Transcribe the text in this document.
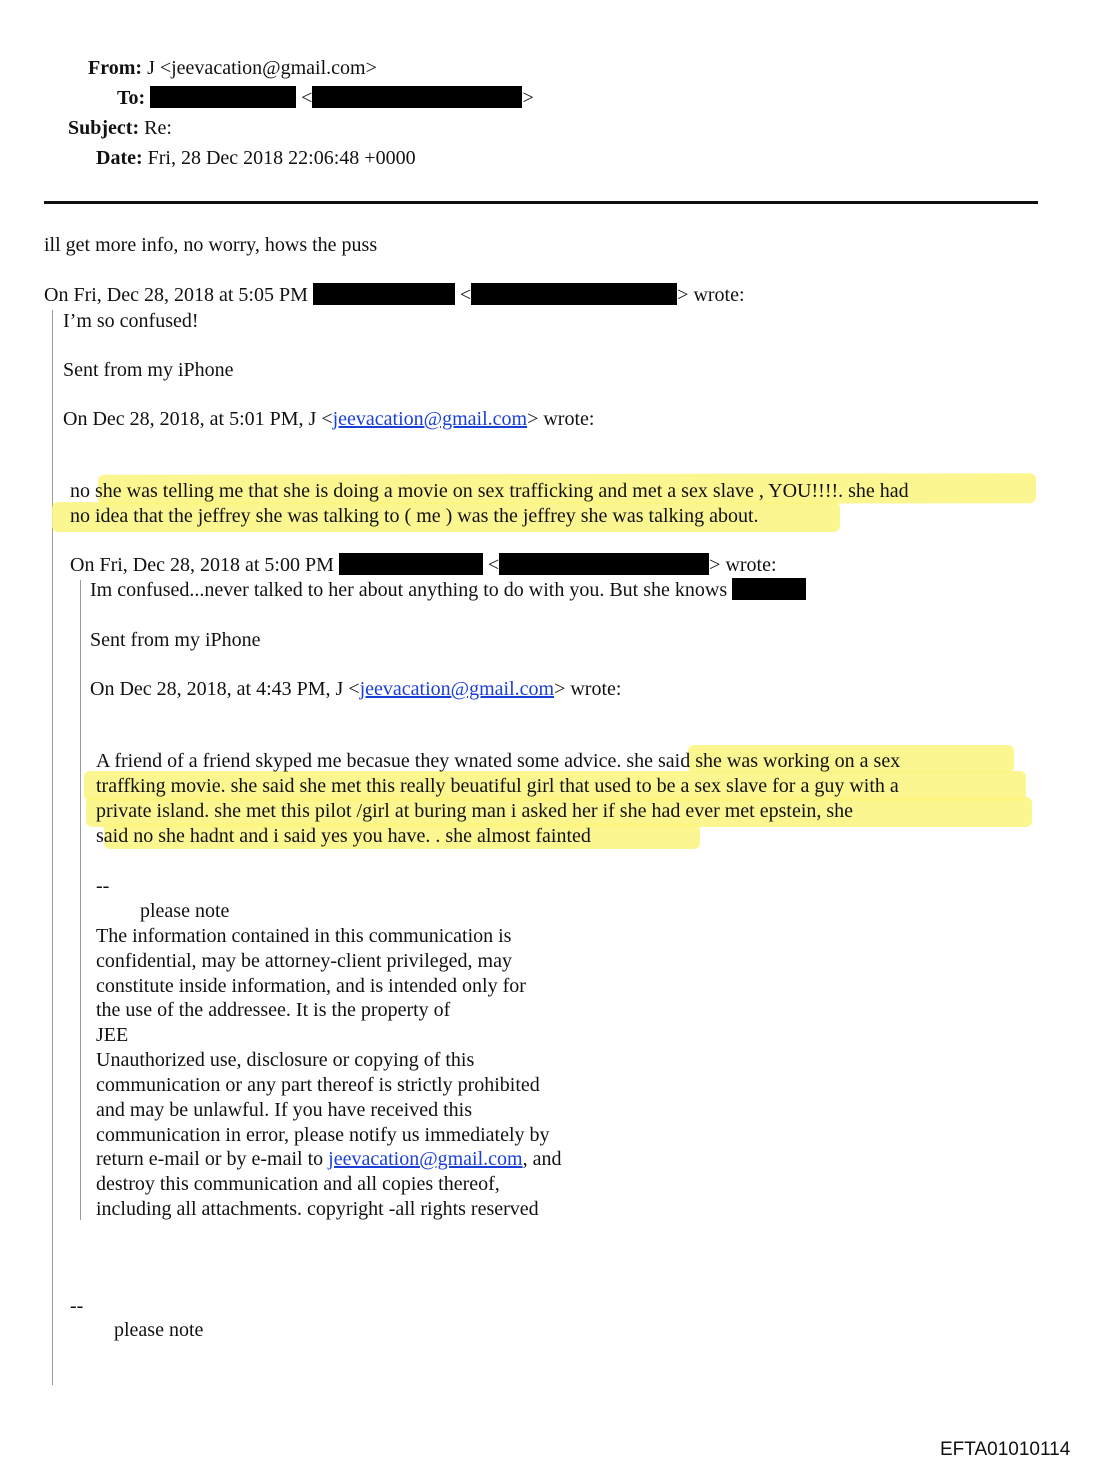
From: J <jeevacation@gmail.com>
To:	<	>
Subject: Re:
Date: Fri, 28 Dec 2018 22:06:48 +0000
ill get more info, no worry, hows the puss
On Fri, Dec 28, 2018 at 5:05 PM	<	> wrote:
I’m so confused!
Sent from my iPhone
On Dec 28, 2018, at 5:01 PM, J <jeevacation@gmail.com> wrote:
no she was telling me that she is doing a movie on sex trafficking and met a sex slave , YOU!!!!. she had
no idea that the jeffrey she was talking to ( me ) was the jeffrey she was talking about.
On Fri, Dec 28, 2018 at 5:00 PM	<	> wrote:
Im confused...never talked to her about anything to do with you. But she knows
Sent from my iPhone
On Dec 28, 2018, at 4:43 PM, J <jeevacation@gmail.com> wrote:
A friend of a friend skyped me becasue they wnated some advice. she said she was working on a sex
traffking movie. she said she met this really beuatiful girl that used to be a sex slave for a guy with a
private island. she met this pilot /girl at buring man i asked her if she had ever met epstein, she
said no she hadnt and i said yes you have. . she almost fainted
--
please note
The information contained in this communication is
confidential, may be attorney-client privileged, may
constitute inside information, and is intended only for
the use of the addressee. It is the property of
JEE
Unauthorized use, disclosure or copying of this
communication or any part thereof is strictly prohibited
and may be unlawful. If you have received this
communication in error, please notify us immediately by
return e-mail or by e-mail to jeevacation@gmail.com, and
destroy this communication and all copies thereof,
including all attachments. copyright -all rights reserved
--
please note
EFTA01010114
